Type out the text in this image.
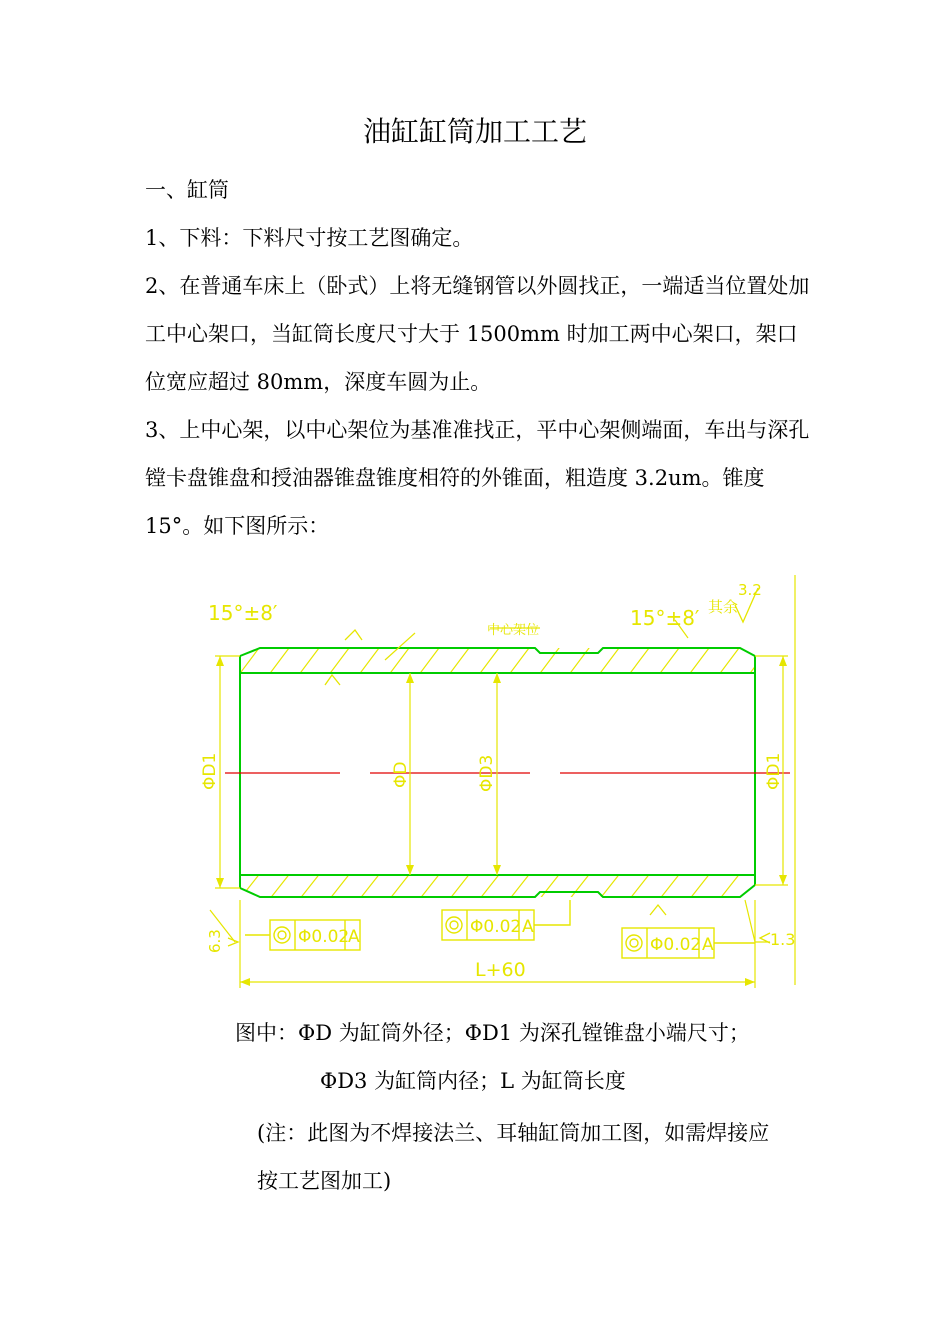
油缸缸筒加工工艺

一、缸筒

1、下料：下料尺寸按工艺图确定。

2、在普通车床上（卧式）上将无缝钢管以外圆找正，一端适当位置处加工中心架口，当缸筒长度尺寸大于 1500mm 时加工两中心架口，架口位宽应超过 80mm，深度车圆为止。

3、上中心架，以中心架位为基准准找正，平中心架侧端面，车出与深孔镗卡盘锥盘和授油器锥盘锥度相符的外锥面，粗造度 3.2um。锥度 15°。如下图所示：

15°±8′	15°±8′
中心架位
其余
3.2
6.3	1.3
ΦD1	ΦD	ΦD3	ΦD1
Φ0.02
A	Φ0.02 A
Φ0.02 A
L+60
图中：ΦD 为缸筒外径；ΦD1 为深孔镗锥盘小端尺寸；
ΦD3 为缸筒内径；L 为缸筒长度
(注：此图为不焊接法兰、耳轴缸筒加工图，如需焊接应
按工艺图加工)
